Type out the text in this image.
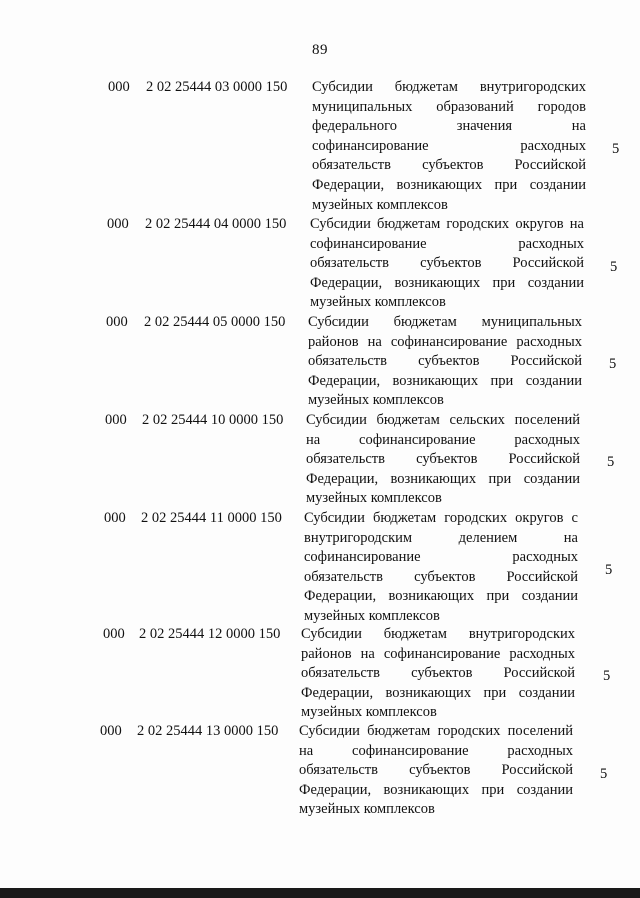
89
000 2 02 25444 03 0000 150 Субсидии бюджетам внутригородских
муниципальных образований городов
федерального значения на
софинансирование расходных
обязательств субъектов Российской
Федерации, возникающих при создании
музейных комплексов
5
000 2 02 25444 04 0000 150 Субсидии бюджетам городских округов на
софинансирование расходных
обязательств субъектов Российской
Федерации, возникающих при создании
музейных комплексов
5
000 2 02 25444 05 0000 150 Субсидии бюджетам муниципальных
районов на софинансирование расходных
обязательств субъектов Российской
Федерации, возникающих при создании
музейных комплексов
5
000 2 02 25444 10 0000 150 Субсидии бюджетам сельских поселений
на софинансирование расходных
обязательств субъектов Российской
Федерации, возникающих при создании
музейных комплексов
5
000 2 02 25444 11 0000 150 Субсидии бюджетам городских округов с
внутригородским делением на
софинансирование расходных
обязательств субъектов Российской
Федерации, возникающих при создании
музейных комплексов
5
000 2 02 25444 12 0000 150 Субсидии бюджетам внутригородских
районов на софинансирование расходных
обязательств субъектов Российской
Федерации, возникающих при создании
музейных комплексов
5
000 2 02 25444 13 0000 150 Субсидии бюджетам городских поселений
на софинансирование расходных
обязательств субъектов Российской
Федерации, возникающих при создании
музейных комплексов
5
